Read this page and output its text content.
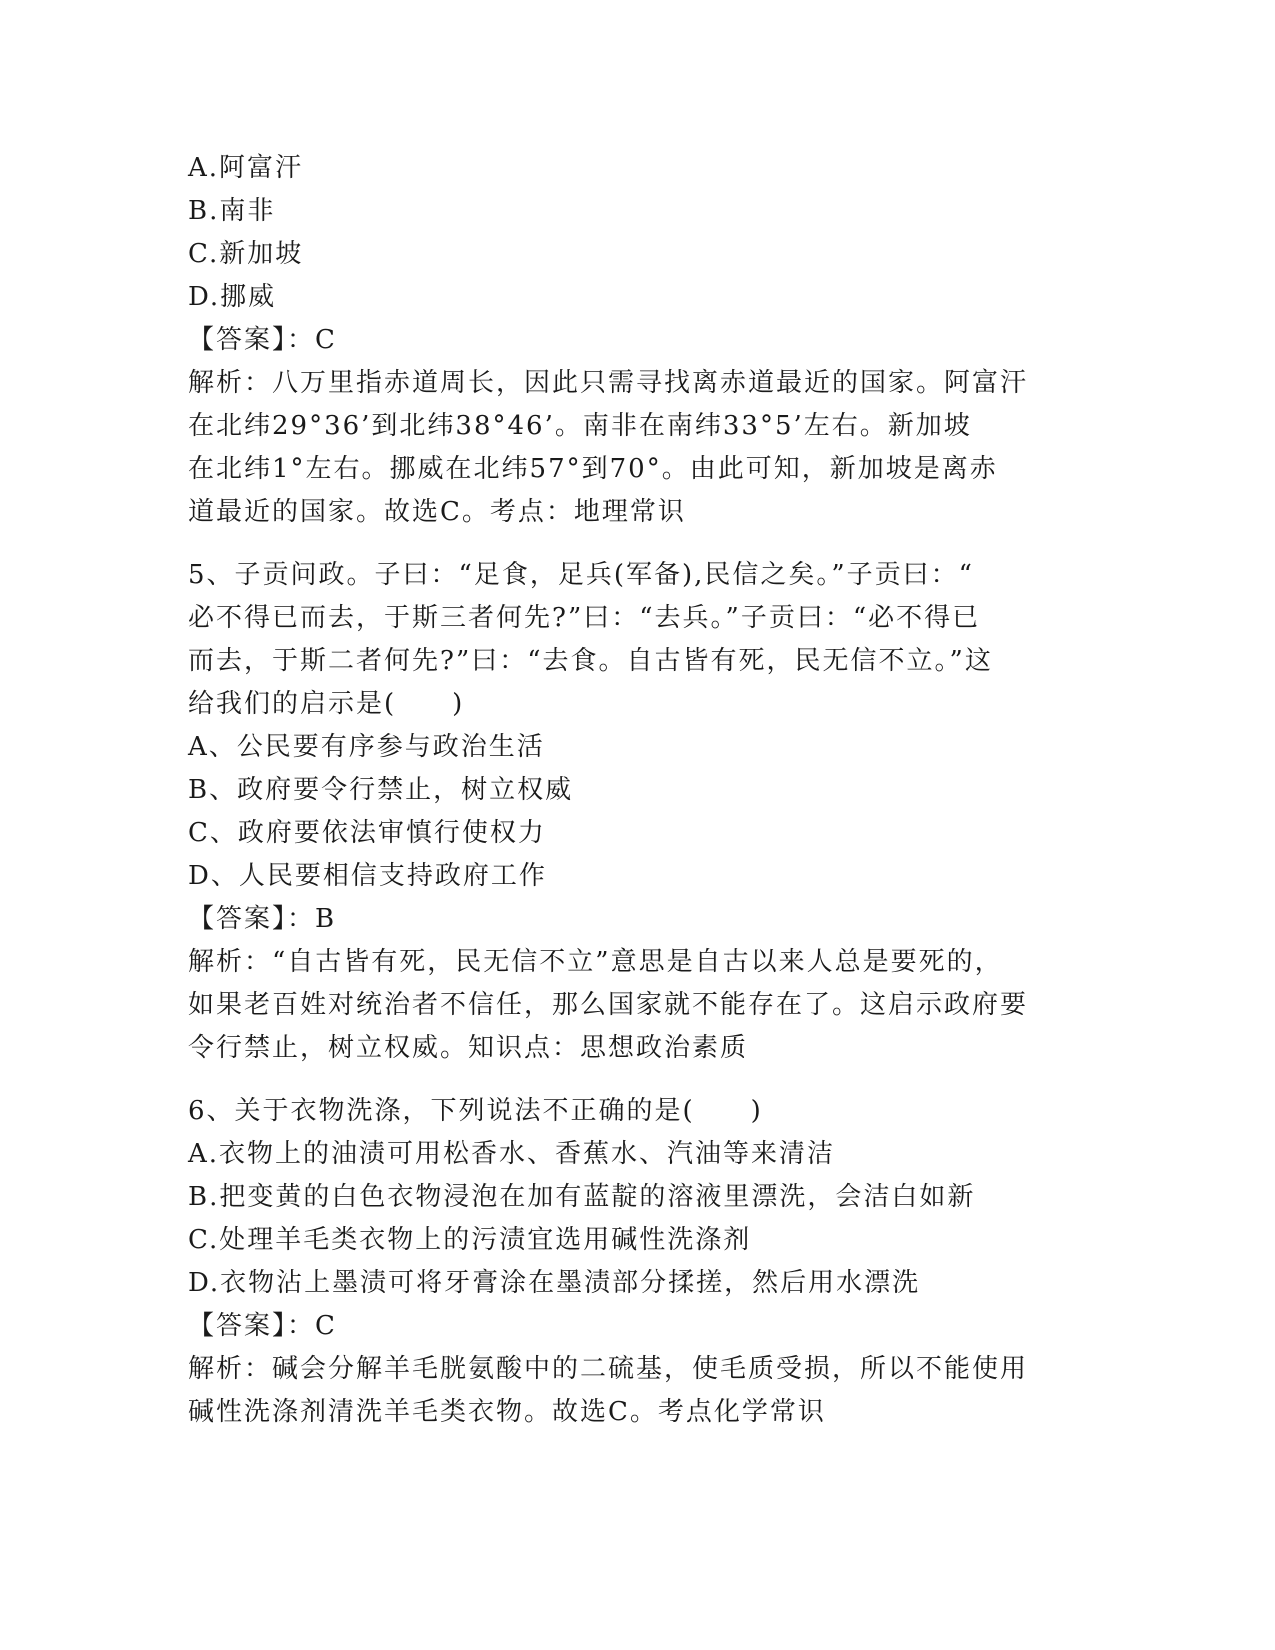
A.阿富汗
B.南非
C.新加坡
D.挪威
【答案】：C
解析：八万里指赤道周长，因此只需寻找离赤道最近的国家。阿富汗
在北纬29°36’到北纬38°46’。南非在南纬33°5’左右。新加坡
在北纬1°左右。挪威在北纬57°到70°。由此可知，新加坡是离赤
道最近的国家。故选C。考点：地理常识
5、子贡问政。子曰：“足食，足兵(军备),民信之矣。”子贡曰：“
必不得已而去，于斯三者何先?”曰：“去兵。”子贡曰：“必不得已
而去，于斯二者何先?”曰：“去食。自古皆有死，民无信不立。”这
给我们的启示是(　　)
A、公民要有序参与政治生活
B、政府要令行禁止，树立权威
C、政府要依法审慎行使权力
D、人民要相信支持政府工作
【答案】：B
解析：“自古皆有死，民无信不立”意思是自古以来人总是要死的，
如果老百姓对统治者不信任，那么国家就不能存在了。这启示政府要
令行禁止，树立权威。知识点：思想政治素质
6、关于衣物洗涤，下列说法不正确的是(　　)
A.衣物上的油渍可用松香水、香蕉水、汽油等来清洁
B.把变黄的白色衣物浸泡在加有蓝靛的溶液里漂洗，会洁白如新
C.处理羊毛类衣物上的污渍宜选用碱性洗涤剂
D.衣物沾上墨渍可将牙膏涂在墨渍部分揉搓，然后用水漂洗
【答案】：C
解析：碱会分解羊毛胱氨酸中的二硫基，使毛质受损，所以不能使用
碱性洗涤剂清洗羊毛类衣物。故选C。考点化学常识
